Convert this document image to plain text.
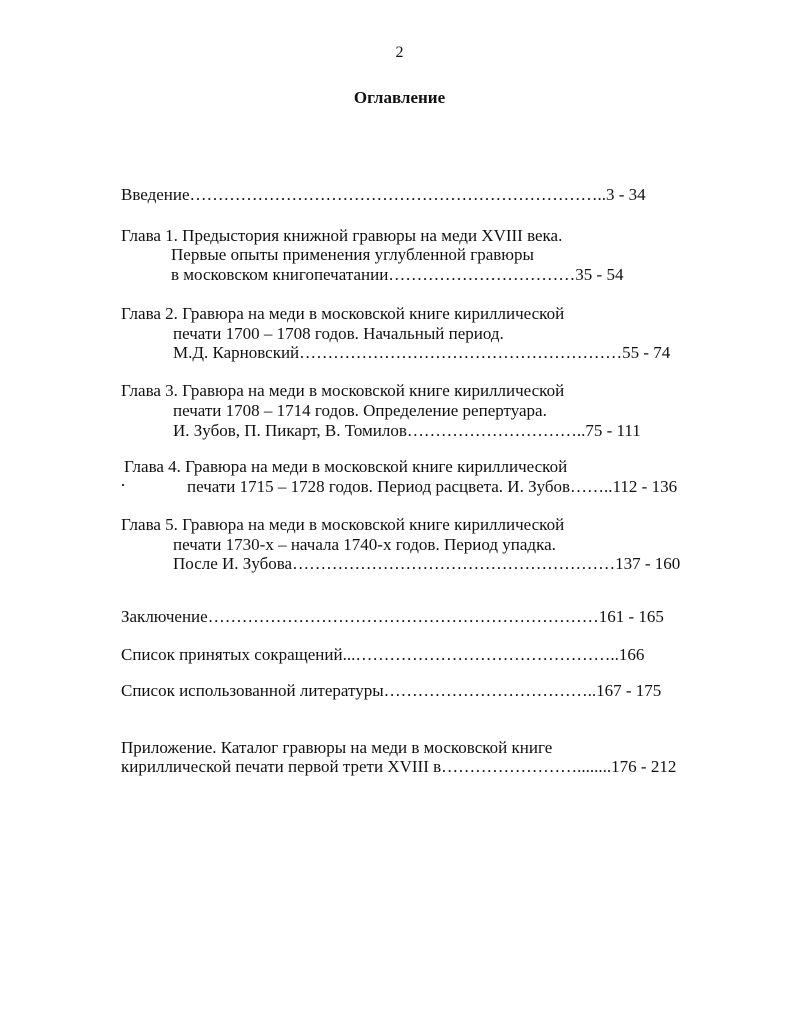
2
Оглавление
Введение………………………………………………………………..3 - 34
Глава 1. Предыстория книжной гравюры на меди XVIII века.
Первые опыты применения углубленной гравюры
в московском книгопечатании……………………………35 - 54
Глава 2. Гравюра на меди в московской книге кириллической
печати 1700 – 1708 годов. Начальный период.
М.Д. Карновский…………………………………………………55 - 74
Глава 3. Гравюра на меди в московской книге кириллической
печати 1708 – 1714 годов. Определение репертуара.
И. Зубов, П. Пикарт, В. Томилов…………………………..75 - 111
Глава 4. Гравюра на меди в московской книге кириллической
печати 1715 – 1728 годов. Период расцвета. И. Зубов……..112 - 136
Глава 5. Гравюра на меди в московской книге кириллической
печати 1730-х – начала 1740-х годов. Период упадка.
После И. Зубова…………………………………………………137 - 160
Заключение……………………………………………………………161 - 165
Список принятых сокращений...………………………………………..166
Список использованной литературы………………………………..167 - 175
Приложение. Каталог гравюры на меди в московской книге
кириллической печати первой трети XVIII в……………………........176 - 212
